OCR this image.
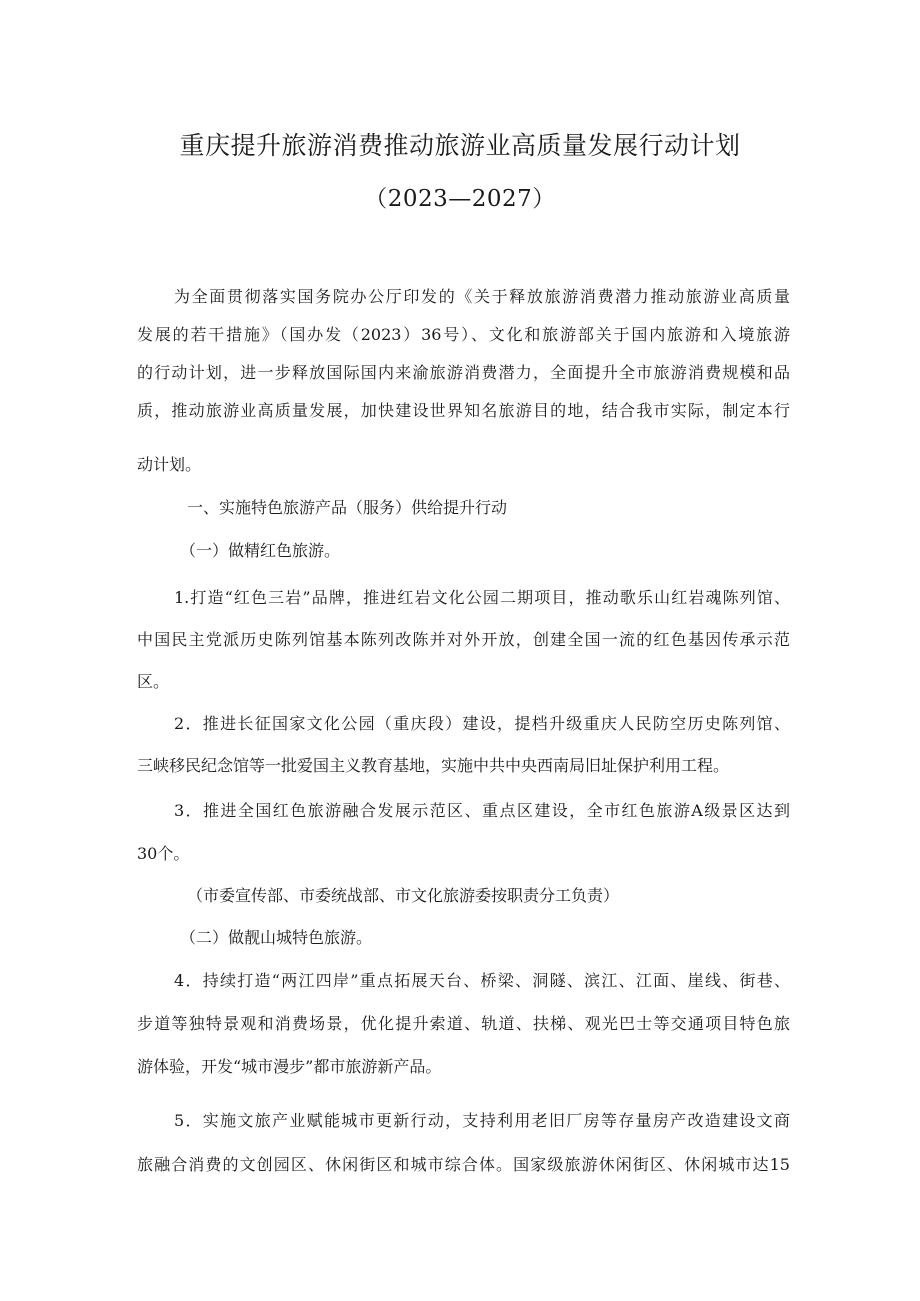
重庆提升旅游消费推动旅游业高质量发展行动计划
（2023—2027）
为全面贯彻落实国务院办公厅印发的《关于释放旅游消费潜力推动旅游业高质量
发展的若干措施》（国办发（2023）36号）、文化和旅游部关于国内旅游和入境旅游
的行动计划，进一步释放国际国内来渝旅游消费潜力，全面提升全市旅游消费规模和品
质，推动旅游业高质量发展，加快建设世界知名旅游目的地，结合我市实际，制定本行
动计划。
一、实施特色旅游产品（服务）供给提升行动
（一）做精红色旅游。
1.打造“红色三岩”品牌，推进红岩文化公园二期项目，推动歌乐山红岩魂陈列馆、
中国民主党派历史陈列馆基本陈列改陈并对外开放，创建全国一流的红色基因传承示范
区。
2．推进长征国家文化公园（重庆段）建设，提档升级重庆人民防空历史陈列馆、
三峡移民纪念馆等一批爱国主义教育基地，实施中共中央西南局旧址保护利用工程。
3．推进全国红色旅游融合发展示范区、重点区建设，全市红色旅游A级景区达到
30个。
（市委宣传部、市委统战部、市文化旅游委按职责分工负责）
（二）做靓山城特色旅游。
4．持续打造“两江四岸”重点拓展天台、桥梁、洞隧、滨江、江面、崖线、街巷、
步道等独特景观和消费场景，优化提升索道、轨道、扶梯、观光巴士等交通项目特色旅
游体验，开发“城市漫步”都市旅游新产品。
5．实施文旅产业赋能城市更新行动，支持利用老旧厂房等存量房产改造建设文商
旅融合消费的文创园区、休闲街区和城市综合体。国家级旅游休闲街区、休闲城市达15
